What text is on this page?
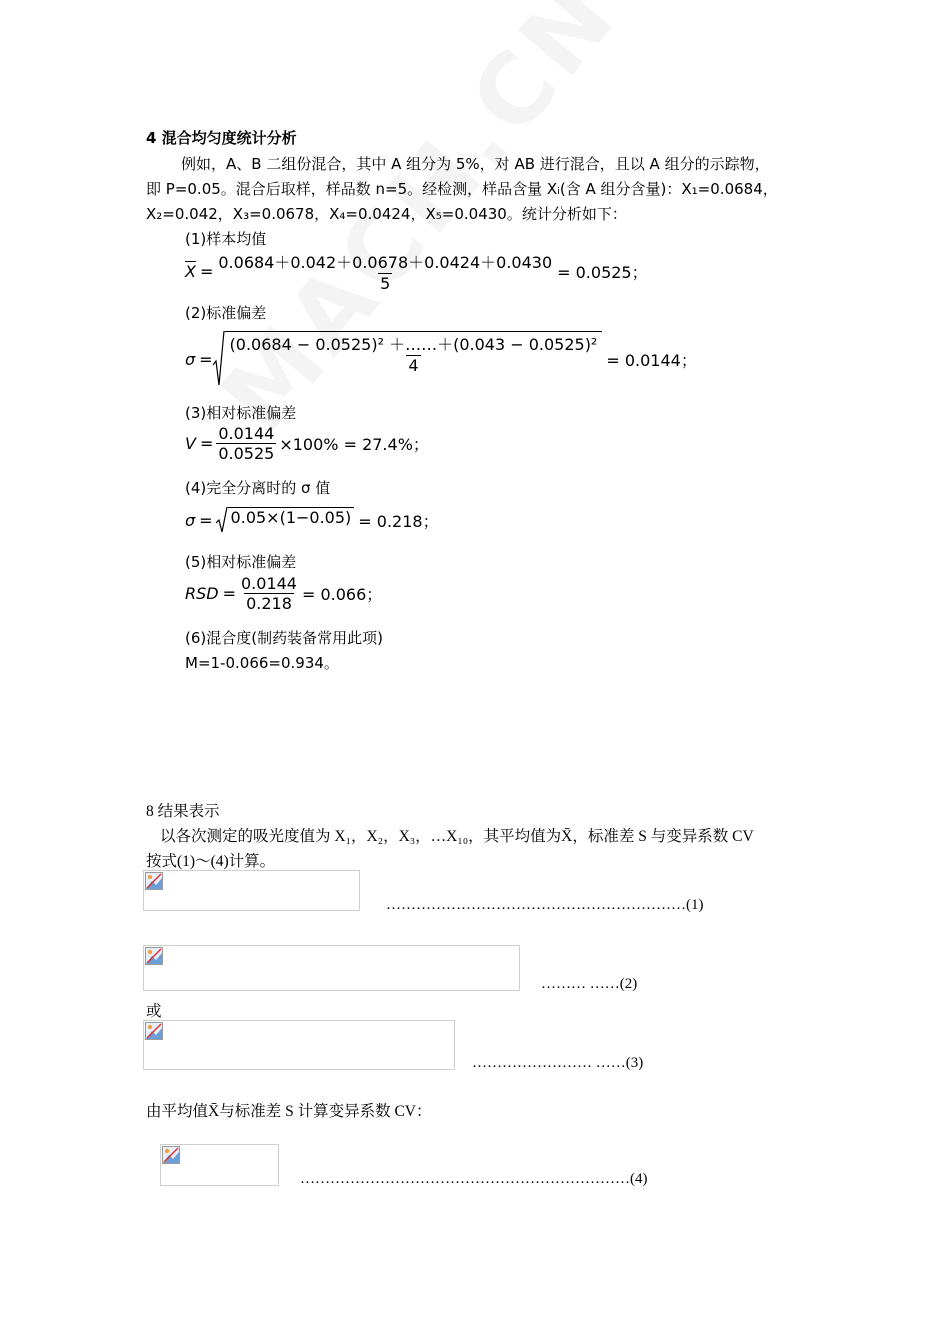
4 混合均匀度统计分析
例如，A、B 二组份混合，其中 A 组分为 5%，对 AB 进行混合，且以 A 组分的示踪物，
即 P=0.05。混合后取样，样品数 n=5。经检测，样品含量 Xᵢ(含 A 组分含量)：X₁=0.0684，
X₂=0.042，X₃=0.0678，X₄=0.0424，X₅=0.0430。统计分析如下：
(1)样本均值
$\overline{X} = \frac{0.0684+0.042+0.0678+0.0424+0.0430}{5} = 0.0525$；
(2)标准偏差
$\sigma = \frac{\text{(0.0684 − 0.0525)² ＋……＋(0.043 − 0.0525)²}}{4} = 0.0144$；
(3)相对标准偏差
$V = \frac{0.0144}{0.0525} \times 100\% = 27.4\%$；
(4)完全分离时的 σ 值
σ = 0.05×(1−0.05) = 0.218；
(5)相对标准偏差
RSD = $\frac{0.0144}{0.218} = 0.066$；
(6)混合度(制药装备常用此项)
M=1-0.066=0.934。
8 结果表示
以各次测定的吸光度值为 X₁，X₂，X₃，…X₁₀，其平均值为X̄，标准差 S 与变异系数 CV
按式(1)～(4)计算。
……………………………………………………(1)
……… ……(2)
或
…………………… ……(3)
由平均值X̄与标准差 S 计算变异系数 CV：
…………………………………………………………(4)
